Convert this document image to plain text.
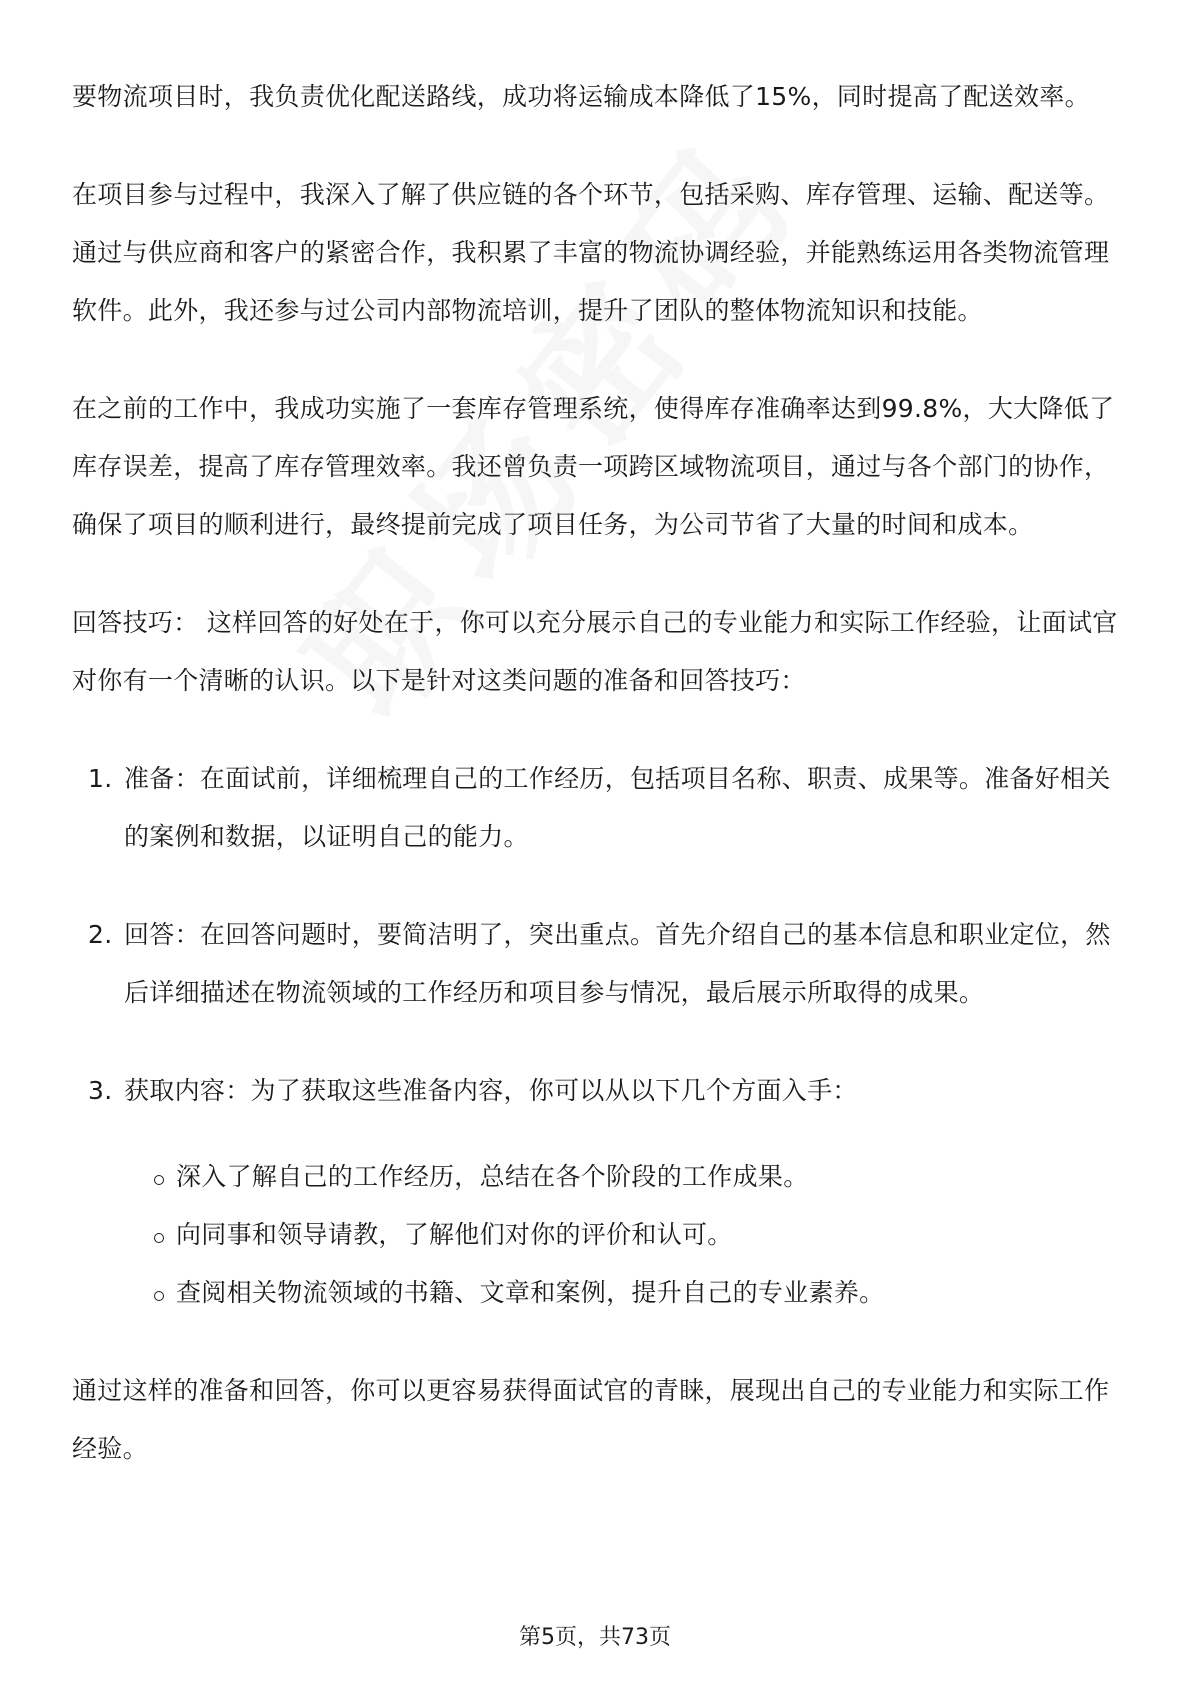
要物流项目时，我负责优化配送路线，成功将运输成本降低了15%，同时提高了配送效率。

在项目参与过程中，我深入了解了供应链的各个环节，包括采购、库存管理、运输、配送等。通过与供应商和客户的紧密合作，我积累了丰富的物流协调经验，并能熟练运用各类物流管理软件。此外，我还参与过公司内部物流培训，提升了团队的整体物流知识和技能。

在之前的工作中，我成功实施了一套库存管理系统，使得库存准确率达到99.8%，大大降低了库存误差，提高了库存管理效率。我还曾负责一项跨区域物流项目，通过与各个部门的协作，确保了项目的顺利进行，最终提前完成了项目任务，为公司节省了大量的时间和成本。

回答技巧： 这样回答的好处在于，你可以充分展示自己的专业能力和实际工作经验，让面试官对你有一个清晰的认识。以下是针对这类问题的准备和回答技巧：

1. 准备：在面试前，详细梳理自己的工作经历，包括项目名称、职责、成果等。准备好相关的案例和数据，以证明自己的能力。
2. 回答：在回答问题时，要简洁明了，突出重点。首先介绍自己的基本信息和职业定位，然后详细描述在物流领域的工作经历和项目参与情况，最后展示所取得的成果。
3. 获取内容：为了获取这些准备内容，你可以从以下几个方面入手：
深入了解自己的工作经历，总结在各个阶段的工作成果。
向同事和领导请教，了解他们对你的评价和认可。
查阅相关物流领域的书籍、文章和案例，提升自己的专业素养。

通过这样的准备和回答，你可以更容易获得面试官的青睐，展现出自己的专业能力和实际工作经验。

第5页，共73页
